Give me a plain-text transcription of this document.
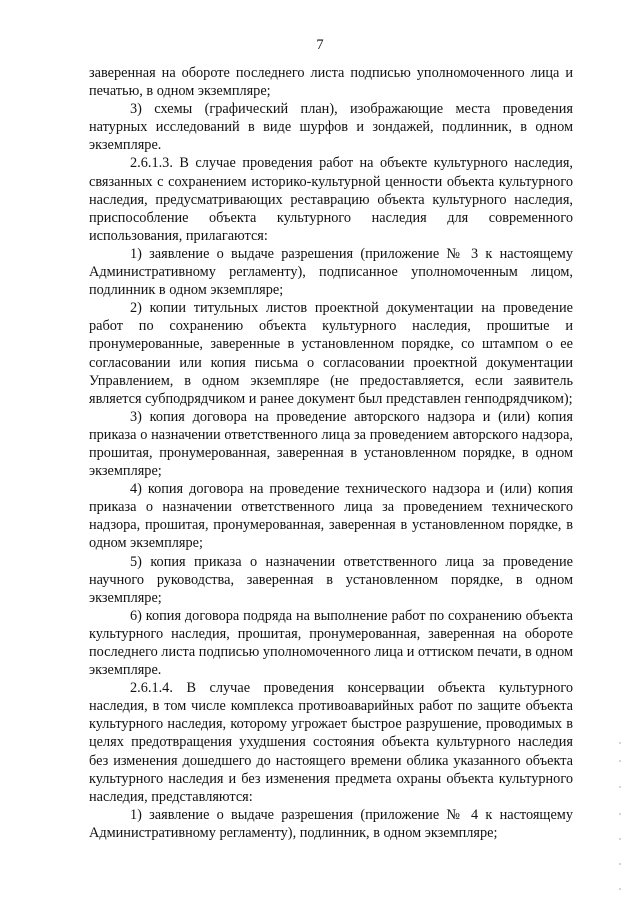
7

заверенная на обороте последнего листа подписью уполномоченного лица и печатью, в одном экземпляре;

3) схемы (графический план), изображающие места проведения натурных исследований в виде шурфов и зондажей, подлинник, в одном экземпляре.

2.6.1.3. В случае проведения работ на объекте культурного наследия, связанных с сохранением историко-культурной ценности объекта культурного наследия, предусматривающих реставрацию объекта культурного наследия, приспособление объекта культурного наследия для современного использования, прилагаются:

1) заявление о выдаче разрешения (приложение № 3 к настоящему Административному регламенту), подписанное уполномоченным лицом, подлинник в одном экземпляре;

2) копии титульных листов проектной документации на проведение работ по сохранению объекта культурного наследия, прошитые и пронумерованные, заверенные в установленном порядке, со штампом о ее согласовании или копия письма о согласовании проектной документации Управлением, в одном экземпляре (не предоставляется, если заявитель является субподрядчиком и ранее документ был представлен генподрядчиком);

3) копия договора на проведение авторского надзора и (или) копия приказа о назначении ответственного лица за проведением авторского надзора, прошитая, пронумерованная, заверенная в установленном порядке, в одном экземпляре;

4) копия договора на проведение технического надзора и (или) копия приказа о назначении ответственного лица за проведением технического надзора, прошитая, пронумерованная, заверенная в установленном порядке, в одном экземпляре;

5) копия приказа о назначении ответственного лица за проведение научного руководства, заверенная в установленном порядке, в одном экземпляре;

6) копия договора подряда на выполнение работ по сохранению объекта культурного наследия, прошитая, пронумерованная, заверенная на обороте последнего листа подписью уполномоченного лица и оттиском печати, в одном экземпляре.

2.6.1.4. В случае проведения консервации объекта культурного наследия, в том числе комплекса противоаварийных работ по защите объекта культурного наследия, которому угрожает быстрое разрушение, проводимых в целях предотвращения ухудшения состояния объекта культурного наследия без изменения дошедшего до настоящего времени облика указанного объекта культурного наследия и без изменения предмета охраны объекта культурного наследия, представляются:

1) заявление о выдаче разрешения (приложение № 4 к настоящему Административному регламенту), подлинник, в одном экземпляре;
